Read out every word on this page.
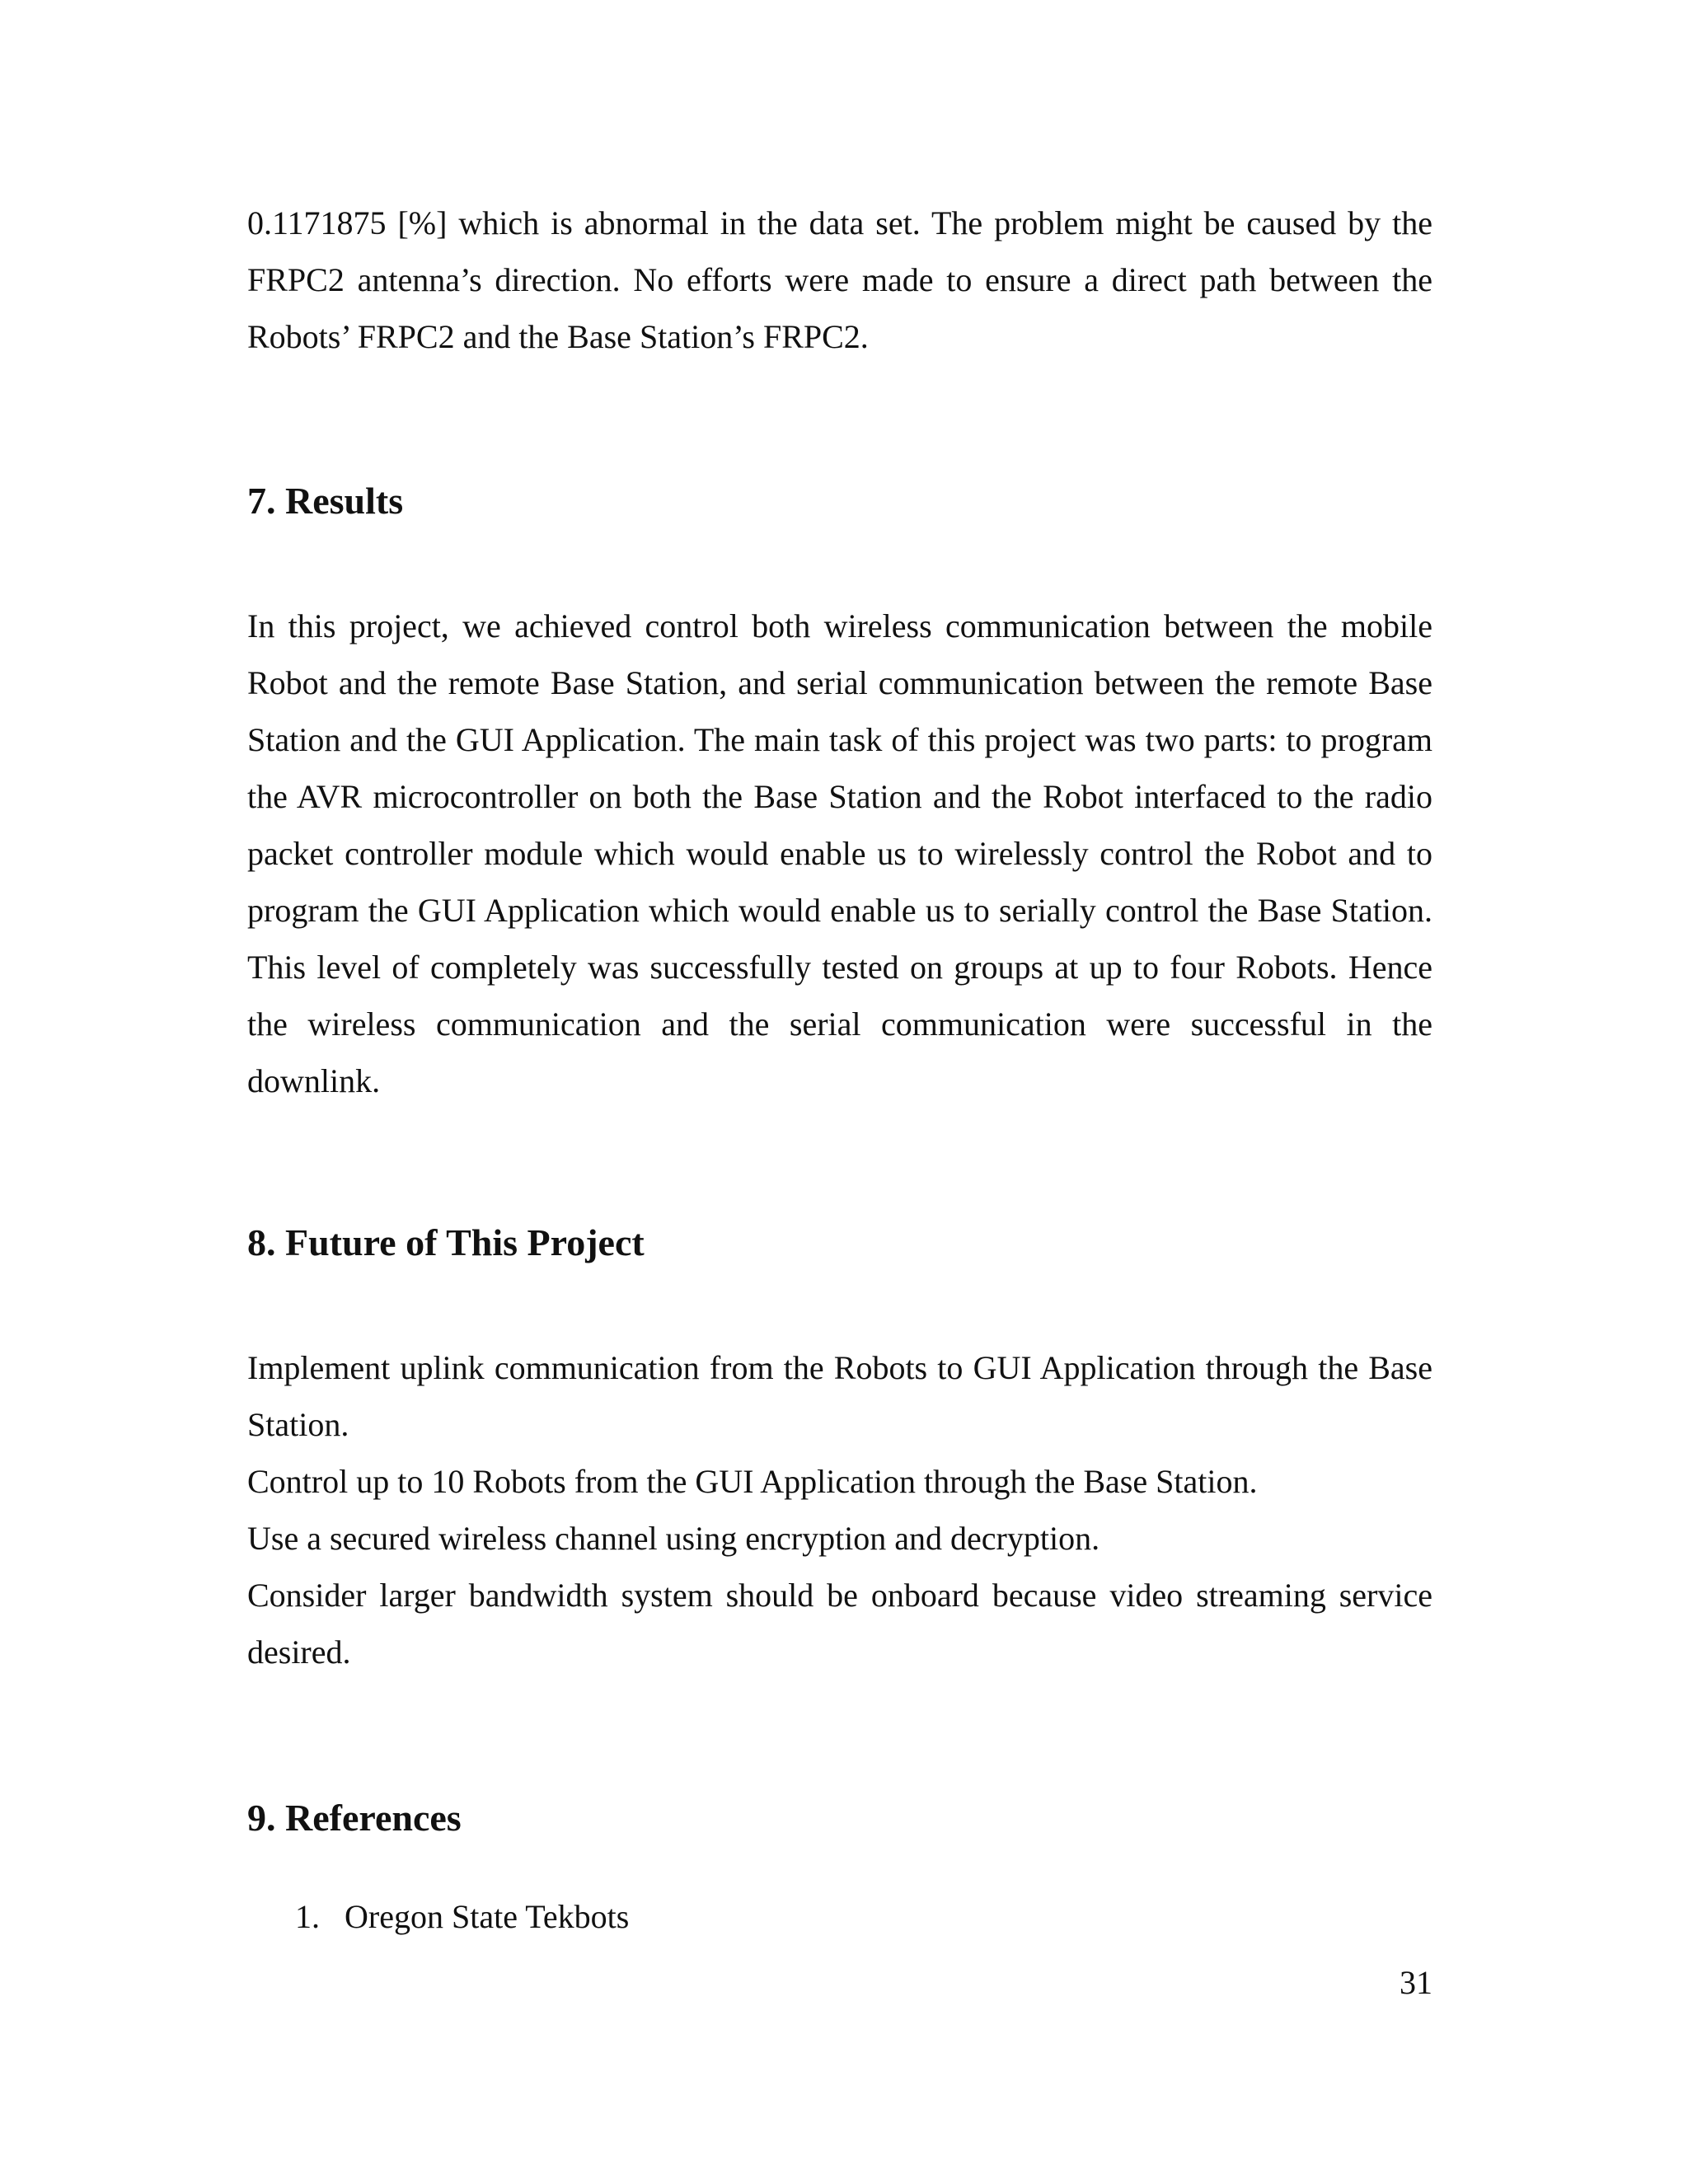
0.1171875 [%] which is abnormal in the data set. The problem might be caused by the FRPC2 antenna’s direction. No efforts were made to ensure a direct path between the Robots’ FRPC2 and the Base Station’s FRPC2.

7. Results

In this project, we achieved control both wireless communication between the mobile Robot and the remote Base Station, and serial communication between the remote Base Station and the GUI Application. The main task of this project was two parts: to program the AVR microcontroller on both the Base Station and the Robot interfaced to the radio packet controller module which would enable us to wirelessly control the Robot and to program the GUI Application which would enable us to serially control the Base Station. This level of completely was successfully tested on groups at up to four Robots. Hence the wireless communication and the serial communication were successful in the downlink.

8. Future of This Project

Implement uplink communication from the Robots to GUI Application through the Base Station.

Control up to 10 Robots from the GUI Application through the Base Station.

Use a secured wireless channel using encryption and decryption.

Consider larger bandwidth system should be onboard because video streaming service desired.

9. References
1. Oregon State Tekbots
31
